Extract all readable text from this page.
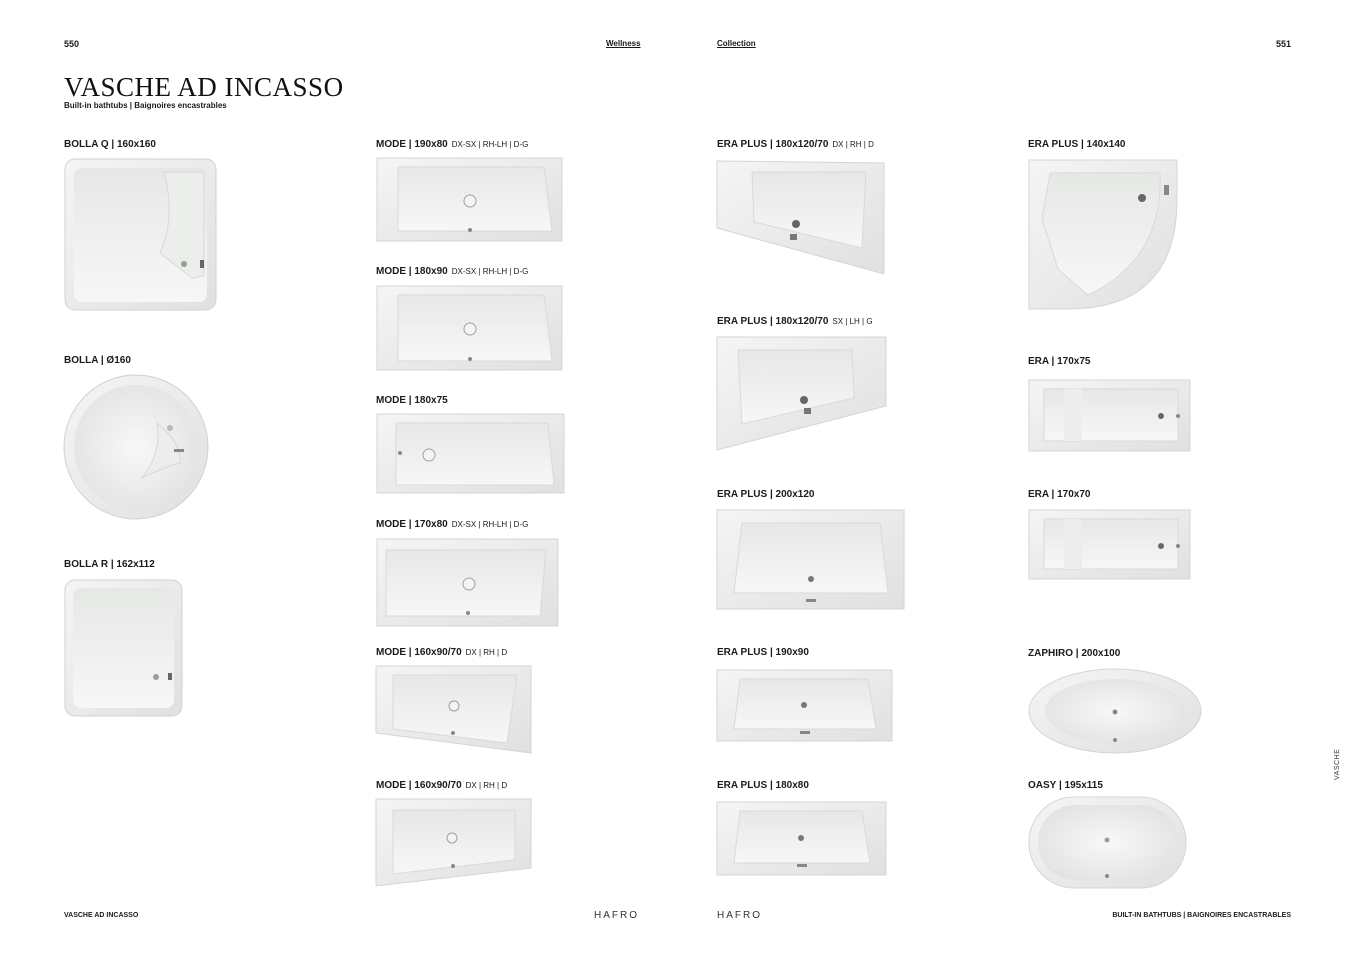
550	Wellness	Collection	551
VASCHE AD INCASSO
Built-in bathtubs | Baignoires encastrables
BOLLA Q | 160x160
BOLLA | Ø160
BOLLA R | 162x112
MODE | 190x80 DX-SX | RH-LH | D-G
MODE | 180x90 DX-SX | RH-LH | D-G
MODE | 180x75
MODE | 170x80 DX-SX | RH-LH | D-G
MODE | 160x90/70 DX | RH | D
MODE | 160x90/70 DX | RH | D
ERA PLUS | 180x120/70 DX | RH | D
ERA PLUS | 180x120/70 SX | LH | G
ERA PLUS | 200x120
ERA PLUS | 190x90
ERA PLUS | 180x80
ERA PLUS | 140x140
ERA | 170x75
ERA | 170x70
ZAPHIRO | 200x100
OASY | 195x115
VASCHE
VASCHE AD INCASSO	HAFRO	HAFRO	BUILT-IN BATHTUBS | BAIGNOIRES ENCASTRABLES
